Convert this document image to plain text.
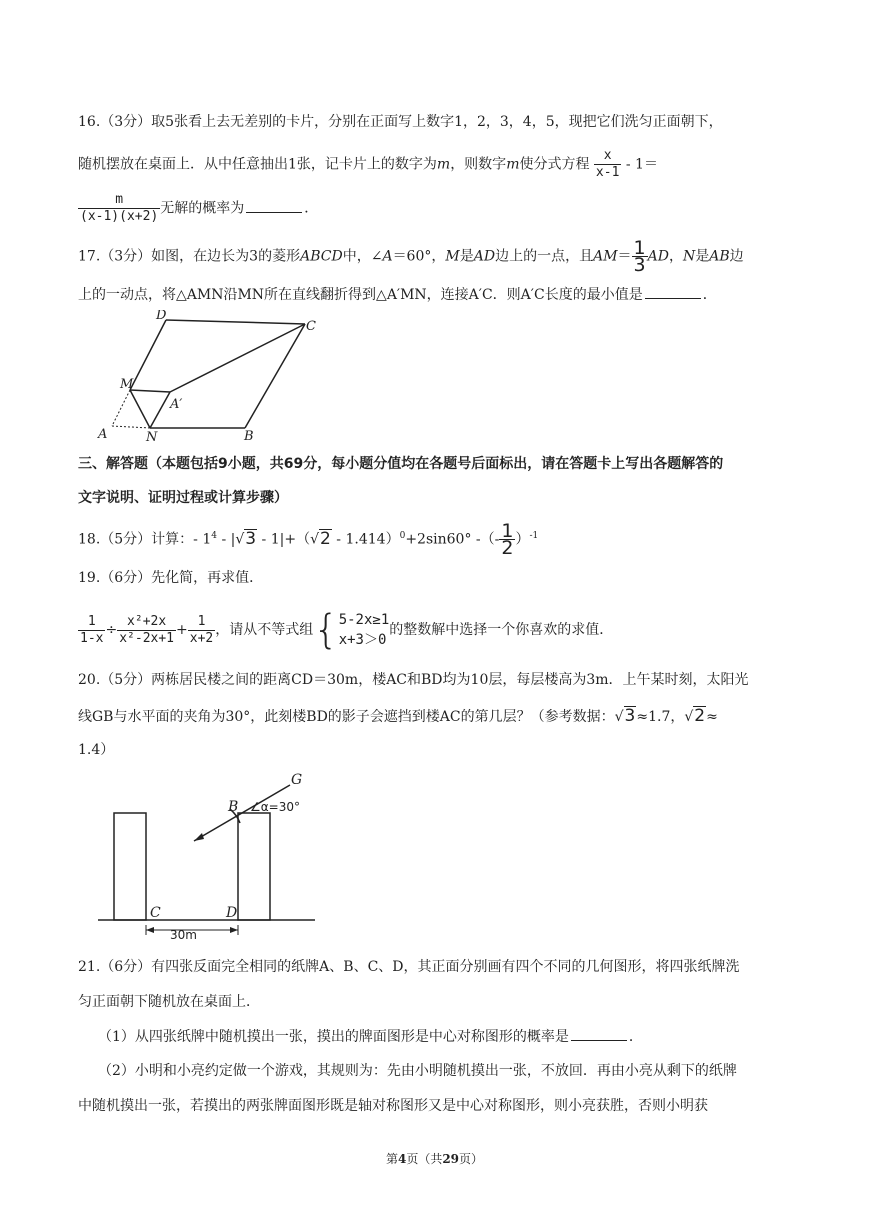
16.（3分）取5张看上去无差别的卡片，分别在正面写上数字1，2，3，4，5，现把它们洗匀正面朝下，
随机摆放在桌面上．从中任意抽出1张，记卡片上的数字为m，则数字m使分式方程 $\frac{x}{x-1} - 1=$
$\frac{m}{(x-1)(x+2)}$ 无解的概率为	．
17.（3分）如图，在边长为3的菱形ABCD中，∠A＝60°，M是AD边上的一点，且$AM= \frac{1}{3}$ AD，N是AB边
上的一动点，将△AMN沿MN所在直线翻折得到△A′MN，连接A′C．则A′C长度的最小值是	．
D
C
M
A′
A	N	B
三、解答题（本题包括9小题，共69分，每小题分值均在各题号后面标出，请在答题卡上写出各题解答的
文字说明、证明过程或计算步骤）
18.（5分）计算：- $1^4 - |√3 - 1|+(√2 - 1.414)^0+2\sin 60^\circ$ -（- $\frac{1}{2} )^{-1}$
19.（6分）先化简，再求值．
$\frac{1}{1-x} \div \frac{\text{x²+2x}}{\text{x²-2x+1}} + \frac{1}{x+2}$ ，请从不等式组{ 5-2x≥1
x+3＞0
的整数解中选择一个你喜欢的求值．
20.（5分）两栋居民楼之间的距离CD＝30m，楼AC和BD均为10层，每层楼高为3m．上午某时刻，太阳光
线GB与水平面的夹角为30°，此刻楼BD的影子会遮挡到楼AC的第几层？（参考数据：√3≈1.7，√2≈
1.4）
G
B
C	D
∠α=30°
30m
21.（6分）有四张反面完全相同的纸牌A、B、C、D，其正面分别画有四个不同的几何图形，将四张纸牌洗
匀正面朝下随机放在桌面上．
（1）从四张纸牌中随机摸出一张，摸出的牌面图形是中心对称图形的概率是	．
（2）小明和小亮约定做一个游戏，其规则为：先由小明随机摸出一张，不放回．再由小亮从剩下的纸牌
中随机摸出一张，若摸出的两张牌面图形既是轴对称图形又是中心对称图形，则小亮获胜，否则小明获
第4页（共29页）
